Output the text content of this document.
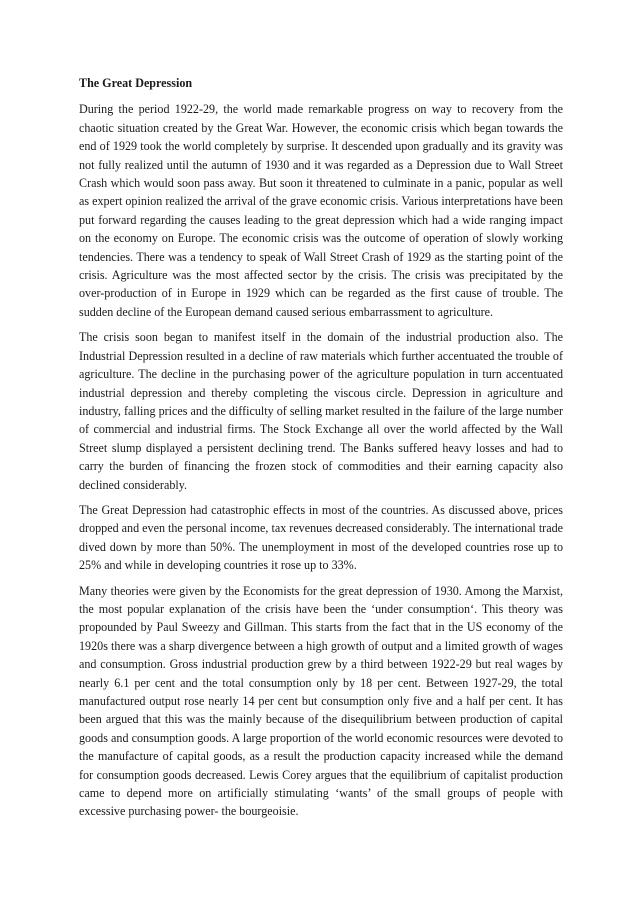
The Great Depression

During the period 1922-29, the world made remarkable progress on way to recovery from the chaotic situation created by the Great War. However, the economic crisis which began towards the end of 1929 took the world completely by surprise. It descended upon gradually and its gravity was not fully realized until the autumn of 1930 and it was regarded as a Depression due to Wall Street Crash which would soon pass away. But soon it threatened to culminate in a panic, popular as well as expert opinion realized the arrival of the grave economic crisis. Various interpretations have been put forward regarding the causes leading to the great depression which had a wide ranging impact on the economy on Europe. The economic crisis was the outcome of operation of slowly working tendencies. There was a tendency to speak of Wall Street Crash of 1929 as the starting point of the crisis. Agriculture was the most affected sector by the crisis. The crisis was precipitated by the over-production of in Europe in 1929 which can be regarded as the first cause of trouble. The sudden decline of the European demand caused serious embarrassment to agriculture.

The crisis soon began to manifest itself in the domain of the industrial production also. The Industrial Depression resulted in a decline of raw materials which further accentuated the trouble of agriculture. The decline in the purchasing power of the agriculture population in turn accentuated industrial depression and thereby completing the viscous circle. Depression in agriculture and industry, falling prices and the difficulty of selling market resulted in the failure of the large number of commercial and industrial firms. The Stock Exchange all over the world affected by the Wall Street slump displayed a persistent declining trend. The Banks suffered heavy losses and had to carry the burden of financing the frozen stock of commodities and their earning capacity also declined considerably.

The Great Depression had catastrophic effects in most of the countries. As discussed above, prices dropped and even the personal income, tax revenues decreased considerably. The international trade dived down by more than 50%. The unemployment in most of the developed countries rose up to 25% and while in developing countries it rose up to 33%.

Many theories were given by the Economists for the great depression of 1930. Among the Marxist, the most popular explanation of the crisis have been the ‘under consumption‘. This theory was propounded by Paul Sweezy and Gillman. This starts from the fact that in the US economy of the 1920s there was a sharp divergence between a high growth of output and a limited growth of wages and consumption. Gross industrial production grew by a third between 1922-29 but real wages by nearly 6.1 per cent and the total consumption only by 18 per cent. Between 1927-29, the total manufactured output rose nearly 14 per cent but consumption only five and a half per cent. It has been argued that this was the mainly because of the disequilibrium between production of capital goods and consumption goods. A large proportion of the world economic resources were devoted to the manufacture of capital goods, as a result the production capacity increased while the demand for consumption goods decreased. Lewis Corey argues that the equilibrium of capitalist production came to depend more on artificially stimulating ‘wants’ of the small groups of people with excessive purchasing power- the bourgeoisie.
